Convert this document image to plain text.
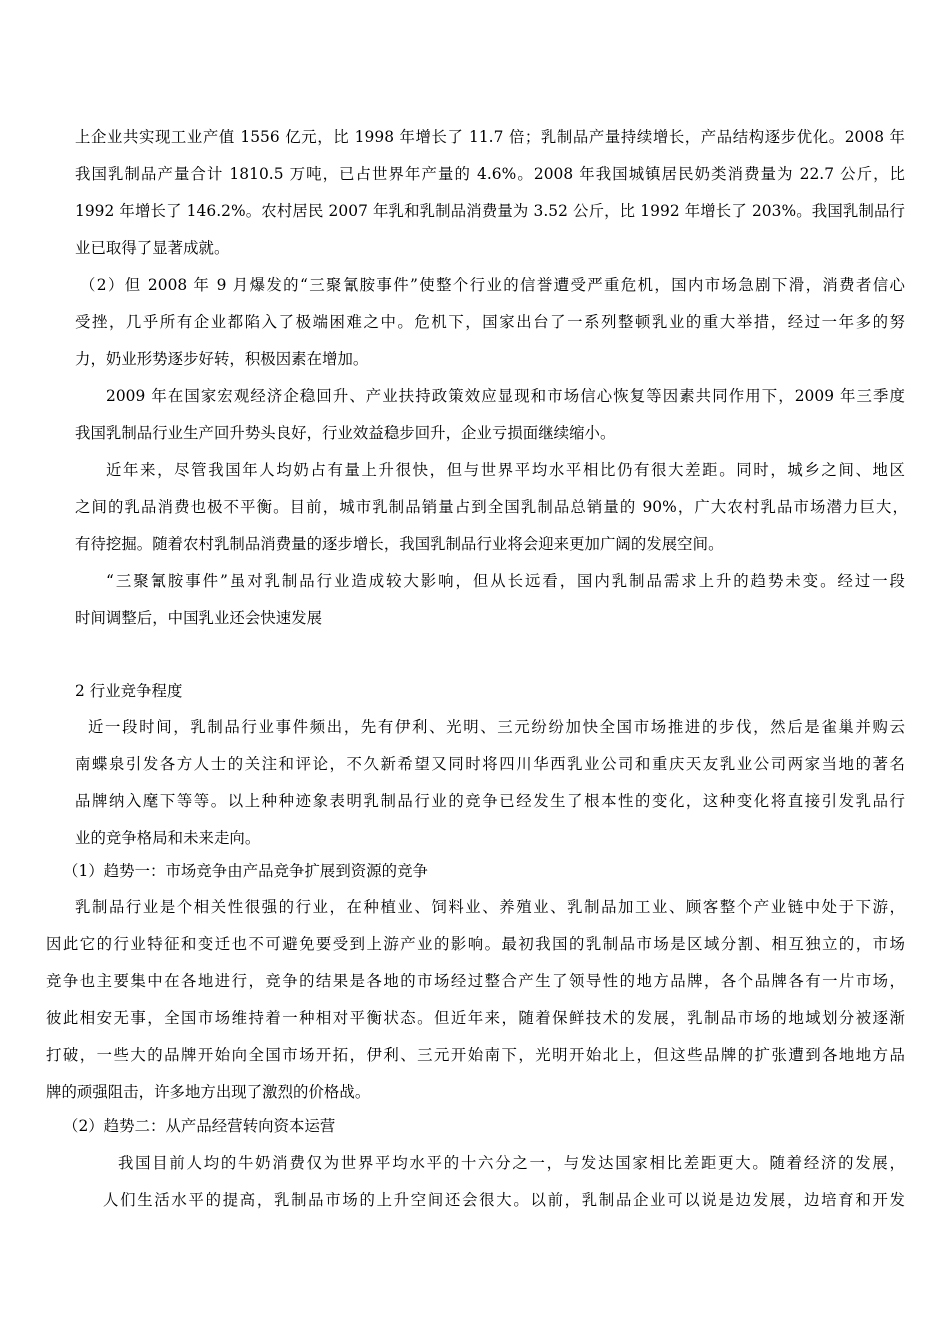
上企业共实现工业产值 1556 亿元，比 1998 年增长了 11.7 倍；乳制品产量持续增长，产品结构逐步优化。2008 年

我国乳制品产量合计 1810.5 万吨，已占世界年产量的 4.6%。2008 年我国城镇居民奶类消费量为 22.7 公斤，比

1992 年增长了 146.2%。农村居民 2007 年乳和乳制品消费量为 3.52 公斤，比 1992 年增长了 203%。我国乳制品行

业已取得了显著成就。

（2）但 2008 年 9 月爆发的“三聚氰胺事件”使整个行业的信誉遭受严重危机，国内市场急剧下滑，消费者信心

受挫，几乎所有企业都陷入了极端困难之中。危机下，国家出台了一系列整顿乳业的重大举措，经过一年多的努

力，奶业形势逐步好转，积极因素在增加。

2009 年在国家宏观经济企稳回升、产业扶持政策效应显现和市场信心恢复等因素共同作用下，2009 年三季度

我国乳制品行业生产回升势头良好，行业效益稳步回升，企业亏损面继续缩小。

近年来，尽管我国年人均奶占有量上升很快，但与世界平均水平相比仍有很大差距。同时，城乡之间、地区

之间的乳品消费也极不平衡。目前，城市乳制品销量占到全国乳制品总销量的 90%，广大农村乳品市场潜力巨大，

有待挖掘。随着农村乳制品消费量的逐步增长，我国乳制品行业将会迎来更加广阔的发展空间。

“三聚氰胺事件”虽对乳制品行业造成较大影响，但从长远看，国内乳制品需求上升的趋势未变。经过一段

时间调整后，中国乳业还会快速发展

2 行业竞争程度

近一段时间，乳制品行业事件频出，先有伊利、光明、三元纷纷加快全国市场推进的步伐，然后是雀巢并购云

南蝶泉引发各方人士的关注和评论，不久新希望又同时将四川华西乳业公司和重庆天友乳业公司两家当地的著名

品牌纳入麾下等等。以上种种迹象表明乳制品行业的竞争已经发生了根本性的变化，这种变化将直接引发乳品行

业的竞争格局和未来走向。

（1）趋势一：市场竞争由产品竞争扩展到资源的竞争

乳制品行业是个相关性很强的行业，在种植业、饲料业、养殖业、乳制品加工业、顾客整个产业链中处于下游，

因此它的行业特征和变迁也不可避免要受到上游产业的影响。最初我国的乳制品市场是区域分割、相互独立的，市场

竞争也主要集中在各地进行，竞争的结果是各地的市场经过整合产生了领导性的地方品牌，各个品牌各有一片市场，

彼此相安无事，全国市场维持着一种相对平衡状态。但近年来，随着保鲜技术的发展，乳制品市场的地域划分被逐渐

打破，一些大的品牌开始向全国市场开拓，伊利、三元开始南下，光明开始北上，但这些品牌的扩张遭到各地地方品

牌的顽强阻击，许多地方出现了激烈的价格战。

（2）趋势二：从产品经营转向资本运营

我国目前人均的牛奶消费仅为世界平均水平的十六分之一，与发达国家相比差距更大。随着经济的发展，

人们生活水平的提高，乳制品市场的上升空间还会很大。以前，乳制品企业可以说是边发展，边培育和开发
